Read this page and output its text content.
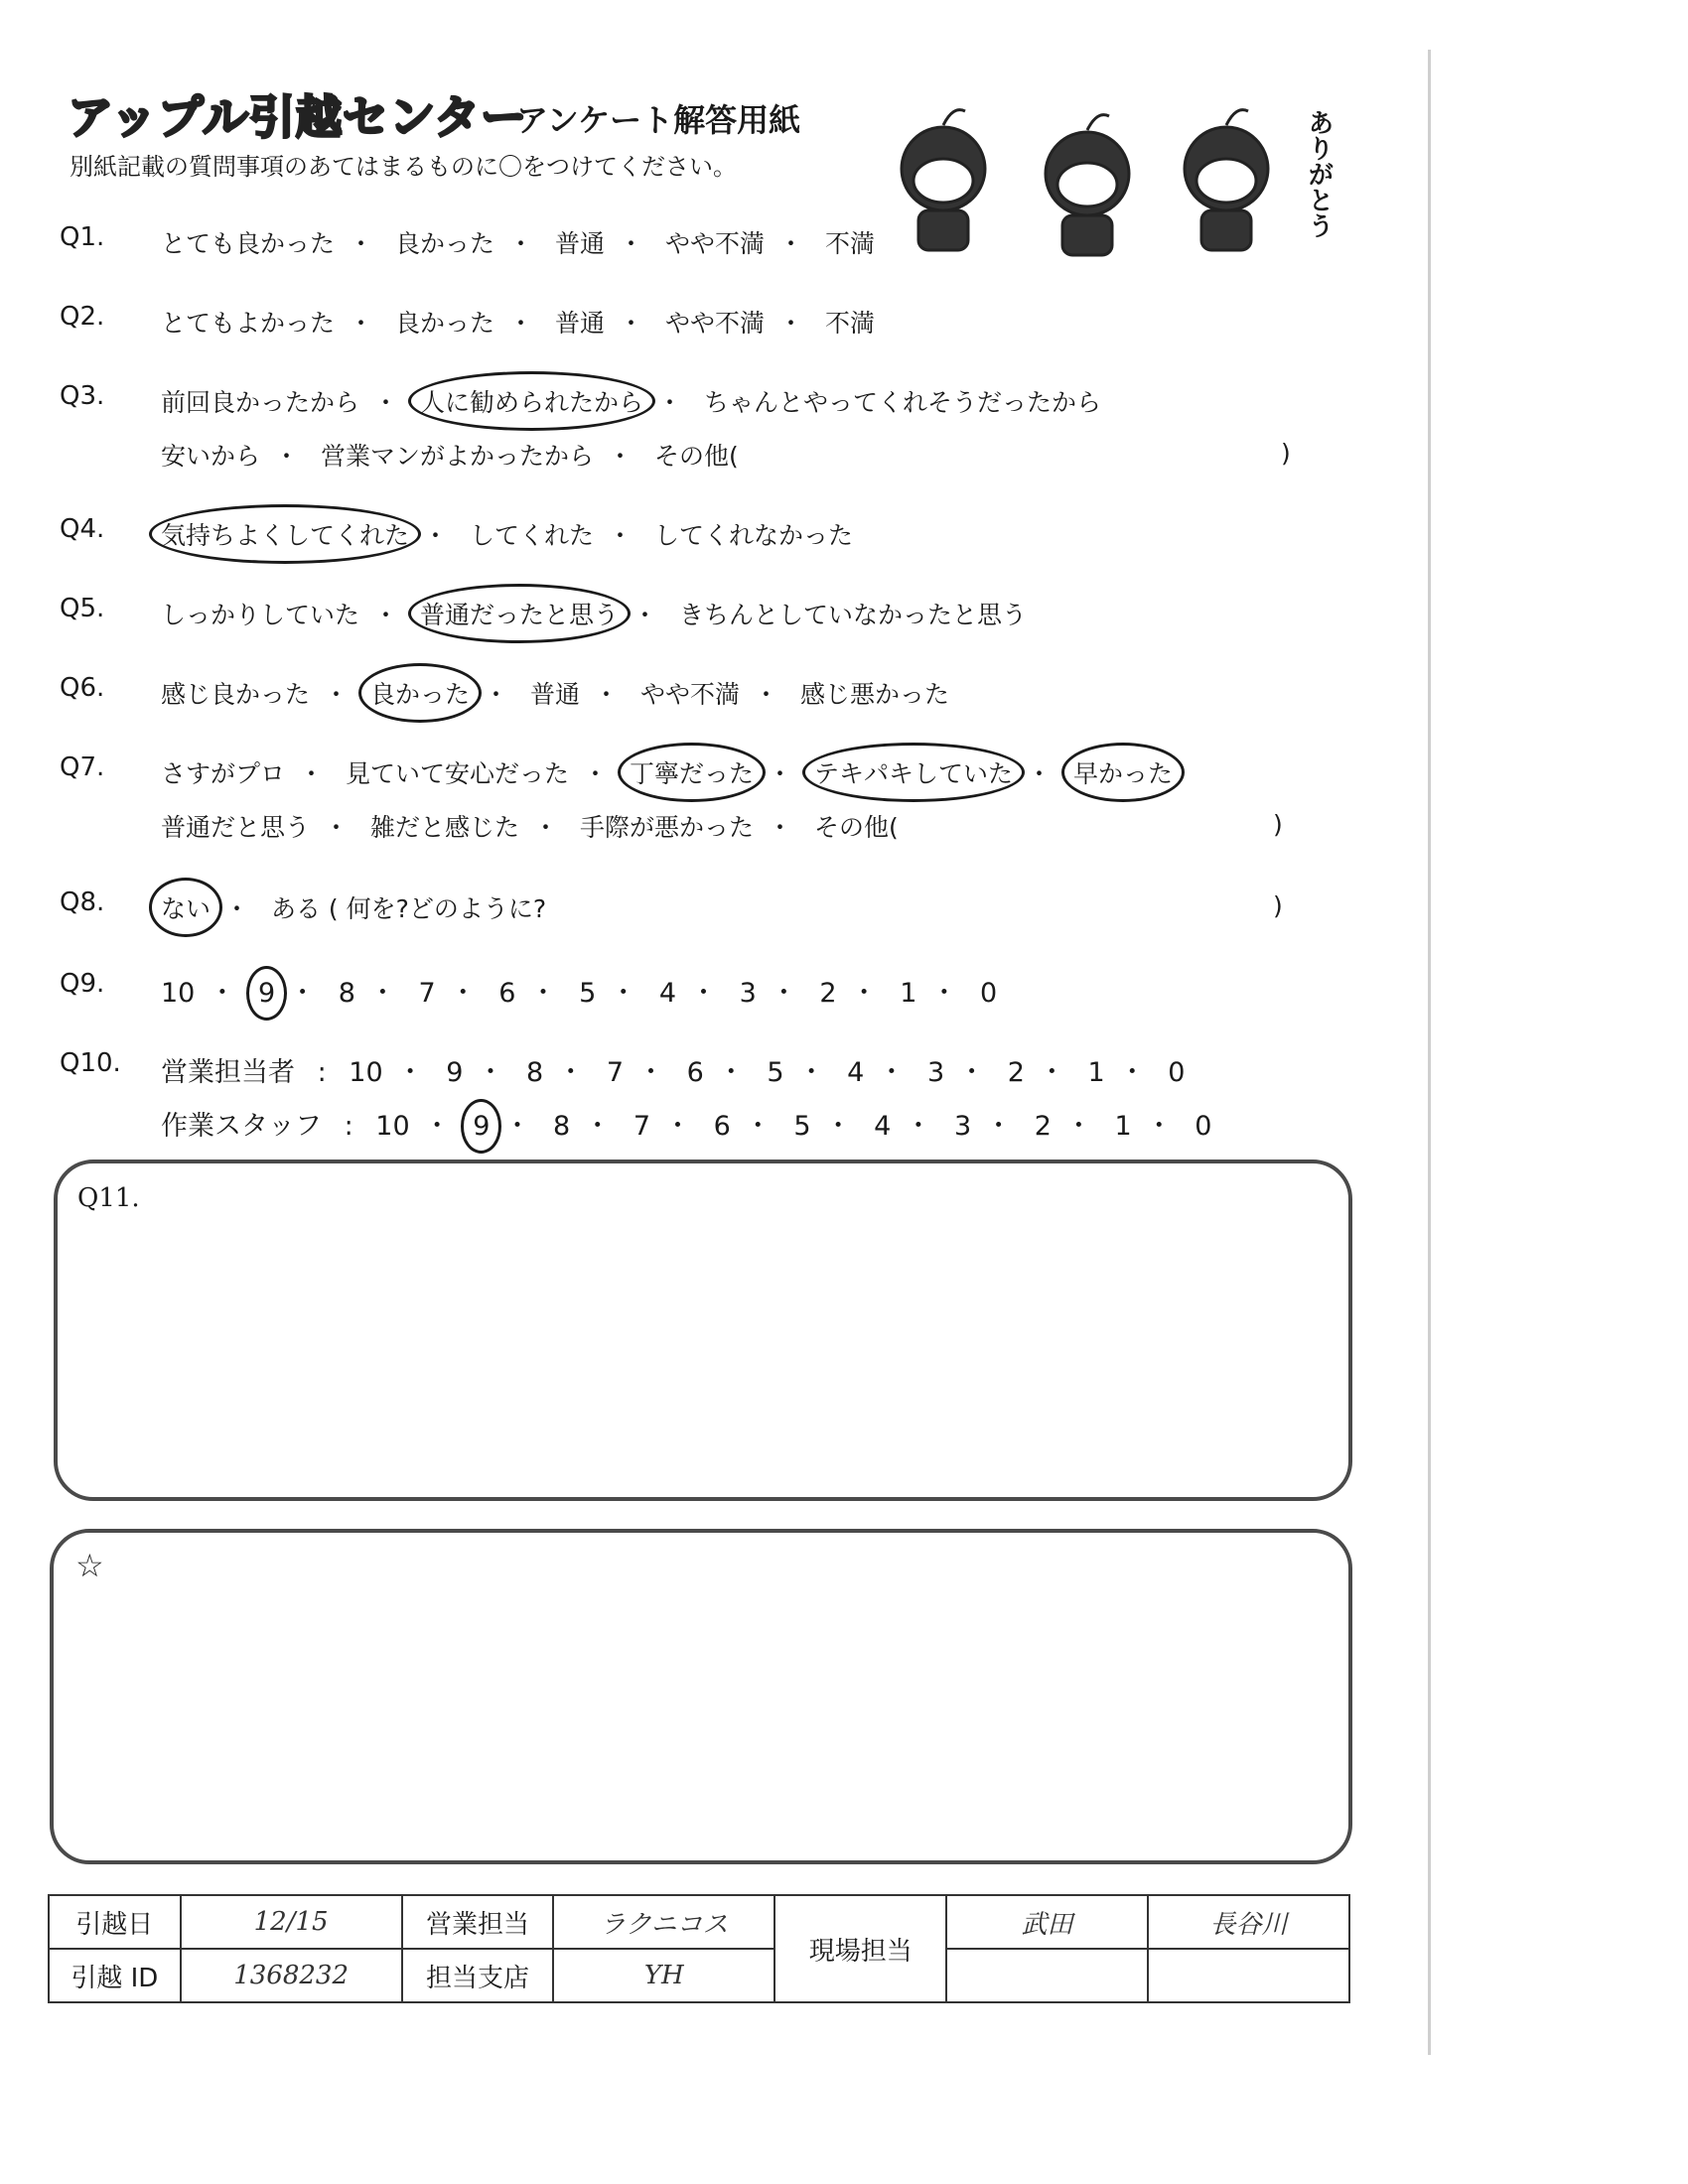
アップル引越センター
アンケート解答用紙
別紙記載の質問事項のあてはまるものに〇をつけてください。	ありがとう
Q1. とても良かった ・ 良かった ・ 普通 ・ やや不満 ・ 不満
Q2. とてもよかった ・ 良かった ・ 普通 ・ やや不満 ・ 不満
Q3. 前回良かったから ・ 人に勧められたから ・ ちゃんとやってくれそうだったから
安いから ・ 営業マンがよかったから ・ その他(	)
Q4. 気持ちよくしてくれた ・ してくれた ・ してくれなかった
Q5. しっかりしていた ・ 普通だったと思う ・ きちんとしていなかったと思う
Q6. 感じ良かった ・ 良かった ・ 普通 ・ やや不満 ・ 感じ悪かった
Q7. さすがプロ ・ 見ていて安心だった ・ 丁寧だった ・ テキパキしていた ・ 早かった
普通だと思う ・ 雑だと感じた ・ 手際が悪かった ・ その他(	)
Q8. ない ・ ある ( 何を?どのように?	)
Q9. 10 ・ 9 ・ 8 ・ 7 ・ 6 ・ 5 ・ 4 ・ 3 ・ 2 ・ 1 ・ 0
Q10. 営業担当者 : 10 ・ 9 ・ 8 ・ 7 ・ 6 ・ 5 ・ 4 ・ 3 ・ 2 ・ 1 ・ 0
作業スタッフ : 10 ・ 9 ・ 8 ・ 7 ・ 6 ・ 5 ・ 4 ・ 3 ・ 2 ・ 1 ・ 0
Q11.
☆
引越日	12/15	営業担当	ラクニコス	現場担当	武田	長谷川
引越 ID	1368232	担当支店	YH			
